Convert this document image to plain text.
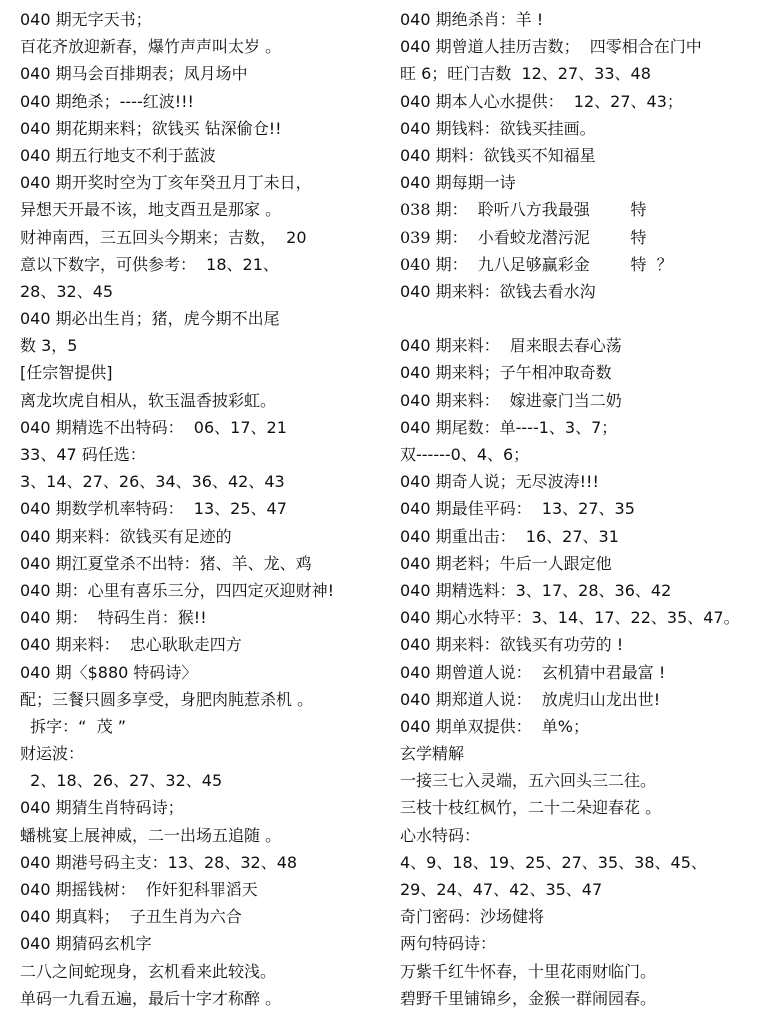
040 期无字天书；
百花齐放迎新春，爆竹声声叫太岁 。
040 期马会百排期表；凤月场中
040 期绝杀；----红波!!!
040 期花期来料；欲钱买 钻深偷仓!!
040 期五行地支不利于蓝波
040 期开奖时空为丁亥年癸丑月丁未日，
异想天开最不该，地支酉丑是那家 。
财神南西，三五回头今期来；吉数，  20
意以下数字，可供参考：  18、21、
28、32、45
040 期必出生肖；猪，虎今期不出尾
数 3，5
[任宗智提供]
离龙坎虎自相从，软玉温香披彩虹。
040 期精选不出特码：  06、17、21
33、47 码任选：
3、14、27、26、34、36、42、43
040 期数学机率特码：  13、25、47
040 期来料：欲钱买有足迹的
040 期江夏堂杀不出特：猪、羊、龙、鸡
040 期：心里有喜乐三分，四四定灭迎财神!
040 期：  特码生肖：猴!!
040 期来料：  忠心耿耿走四方
040 期〈$880 特码诗〉
配；三餐只圆多享受，身肥肉肫惹杀机 。
拆字：“  茂 ”
财运波：
2、18、26、27、32、45
040 期猜生肖特码诗；
蟠桃宴上展神威，二一出场五追随 。
040 期港号码主支：13、28、32、48
040 期摇钱树：  作奸犯科罪滔天
040 期真料；  子丑生肖为六合
040 期猜码玄机字
二八之间蛇现身，玄机看来此较浅。
单码一九看五遍，最后十字才称醉 。
040 期绝杀肖：羊 !
040 期曾道人挂历吉数；  四零相合在门中
旺 6；旺门吉数  12、27、33、48
040 期本人心水提供：  12、27、43；
040 期钱料：欲钱买挂画。
040 期料：欲钱买不知福星
040 期每期一诗
038 期：  聆听八方我最强        特
039 期：  小看蛟龙潜污泥        特
040 期：  九八足够赢彩金        特  ？
040 期来料：欲钱去看水沟
040 期来料：  眉来眼去春心荡
040 期来料；子午相冲取奇数
040 期来料：  嫁进豪门当二奶
040 期尾数：单----1、3、7；
双------0、4、6；
040 期奇人说；无尽波涛!!!
040 期最佳平码：  13、27、35
040 期重出击：  16、27、31
040 期老料；牛后一人跟定他
040 期精选料：3、17、28、36、42
040 期心水特平：3、14、17、22、35、47。
040 期来料：欲钱买有功劳的 !
040 期曾道人说：  玄机猜中君最富 !
040 期郑道人说：  放虎归山龙出世!
040 期单双提供：  单%；
玄学精解
一接三七入灵端，五六回头三二往。
三枝十枝红枫竹，二十二朵迎春花 。
心水特码：
4、9、18、19、25、27、35、38、45、
29、24、47、42、35、47
奇门密码：沙场健将
两句特码诗：
万紫千红牛怀春，十里花雨财临门。
碧野千里铺锦乡，金猴一群闹园春。
